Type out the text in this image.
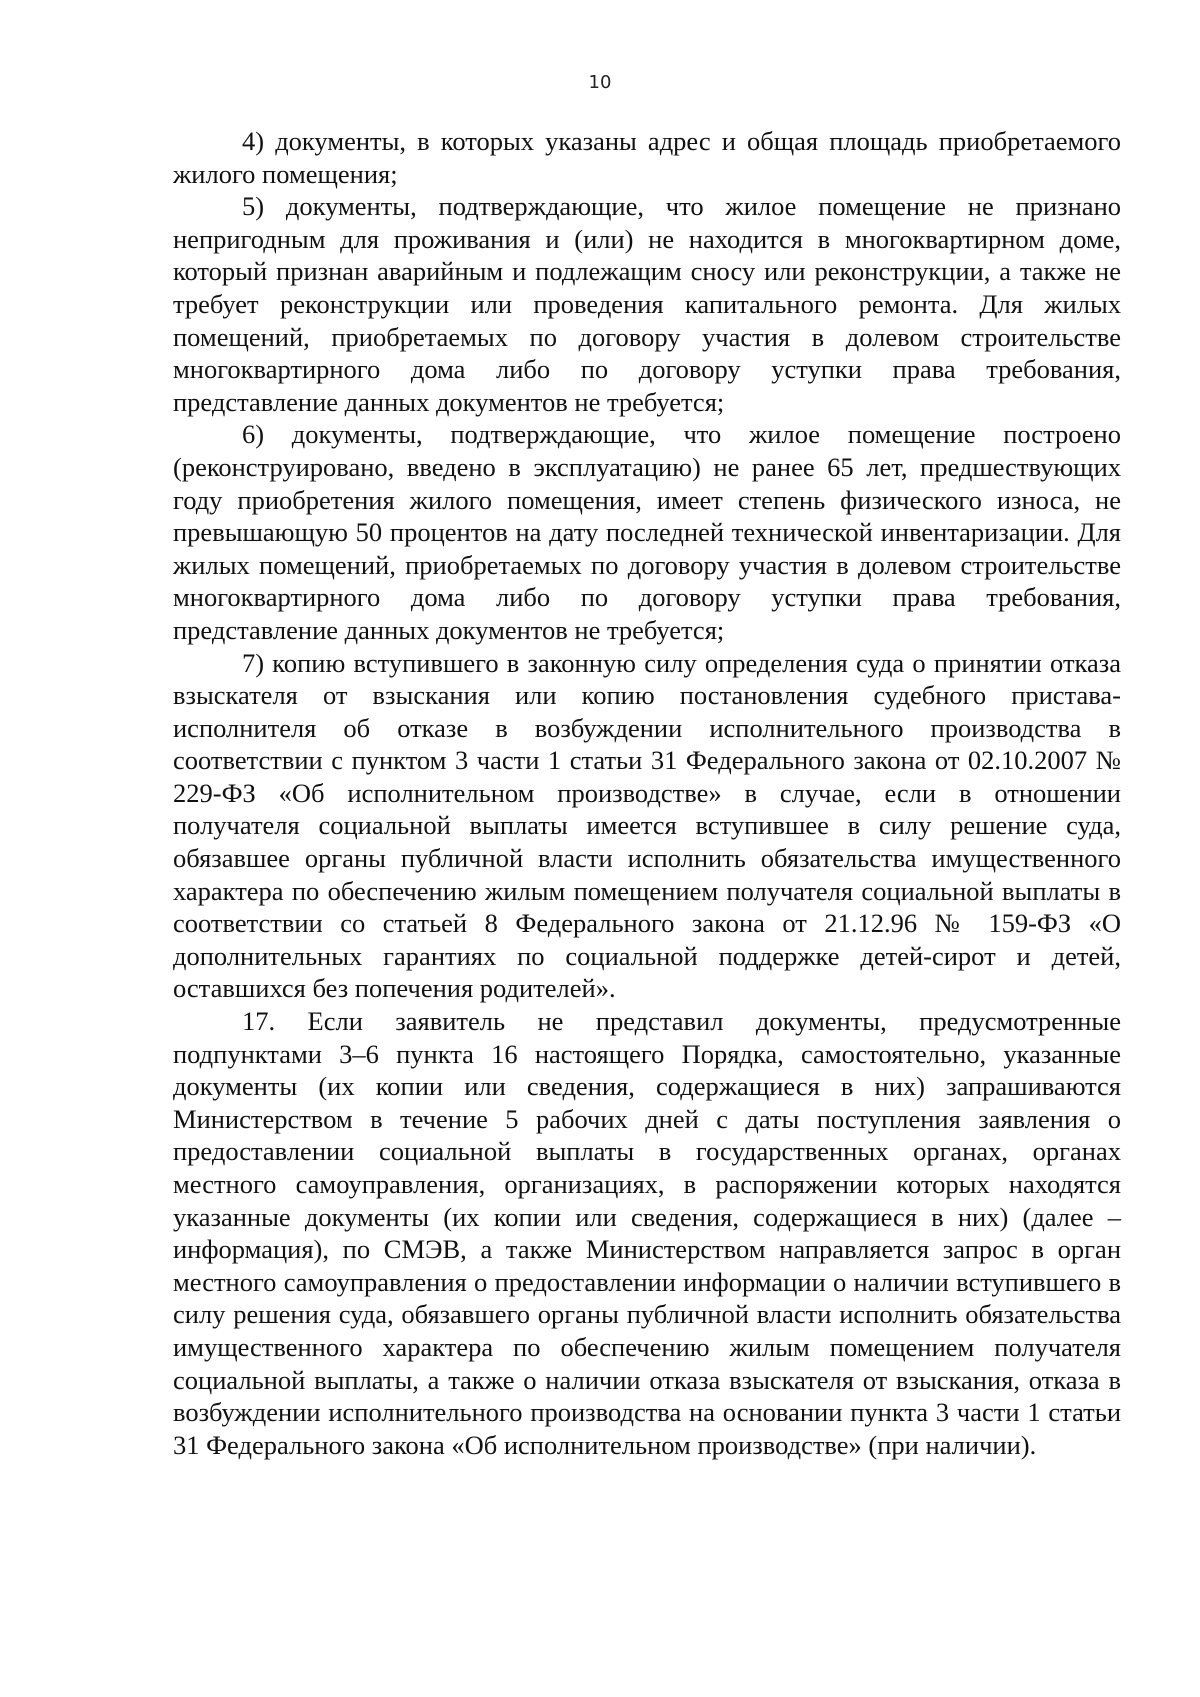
10

4) документы, в которых указаны адрес и общая площадь приобретаемого жилого помещения;

5) документы, подтверждающие, что жилое помещение не признано непригодным для проживания и (или) не находится в многоквартирном доме, который признан аварийным и подлежащим сносу или реконструкции, а также не требует реконструкции или проведения капитального ремонта. Для жилых помещений, приобретаемых по договору участия в долевом строительстве многоквартирного дома либо по договору уступки права требования, представление данных документов не требуется;

6) документы, подтверждающие, что жилое помещение построено (реконструировано, введено в эксплуатацию) не ранее 65 лет, предшествующих году приобретения жилого помещения, имеет степень физического износа, не превышающую 50 процентов на дату последней технической инвентаризации. Для жилых помещений, приобретаемых по договору участия в долевом строительстве многоквартирного дома либо по договору уступки права требования, представление данных документов не требуется;

7) копию вступившего в законную силу определения суда о принятии отказа взыскателя от взыскания или копию постановления судебного пристава-исполнителя об отказе в возбуждении исполнительного производства в соответствии с пунктом 3 части 1 статьи 31 Федерального закона от 02.10.2007 № 229-ФЗ «Об исполнительном производстве» в случае, если в отношении получателя социальной выплаты имеется вступившее в силу решение суда, обязавшее органы публичной власти исполнить обязательства имущественного характера по обеспечению жилым помещением получателя социальной выплаты в соответствии со статьей 8 Федерального закона от 21.12.96 № 159-ФЗ «О дополнительных гарантиях по социальной поддержке детей-сирот и детей, оставшихся без попечения родителей».

17. Если заявитель не представил документы, предусмотренные подпунктами 3–6 пункта 16 настоящего Порядка, самостоятельно, указанные документы (их копии или сведения, содержащиеся в них) запрашиваются Министерством в течение 5 рабочих дней с даты поступления заявления о предоставлении социальной выплаты в государственных органах, органах местного самоуправления, организациях, в распоряжении которых находятся указанные документы (их копии или сведения, содержащиеся в них) (далее – информация), по СМЭВ, а также Министерством направляется запрос в орган местного самоуправления о предоставлении информации о наличии вступившего в силу решения суда, обязавшего органы публичной власти исполнить обязательства имущественного характера по обеспечению жилым помещением получателя социальной выплаты, а также о наличии отказа взыскателя от взыскания, отказа в возбуждении исполнительного производства на основании пункта 3 части 1 статьи 31 Федерального закона «Об исполнительном производстве» (при наличии).
